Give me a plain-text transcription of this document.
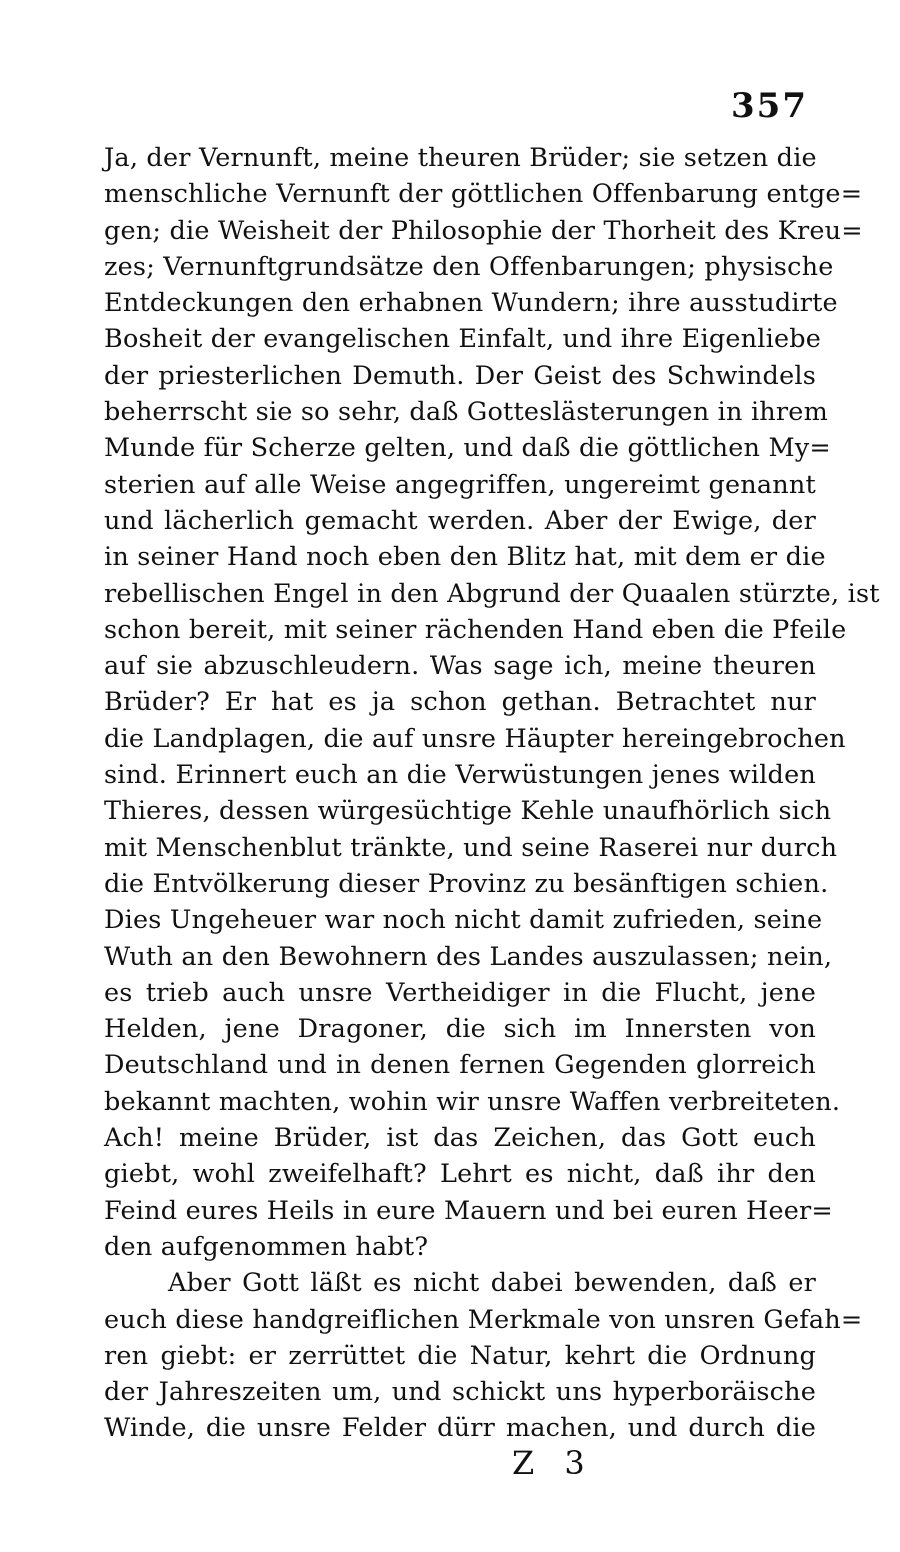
357
Ja, der Vernunft, meine theuren Brüder; sie setzen die
menschliche Vernunft der göttlichen Offenbarung entge=
gen; die Weisheit der Philosophie der Thorheit des Kreu=
zes; Vernunftgrundsätze den Offenbarungen; physische
Entdeckungen den erhabnen Wundern; ihre ausstudirte
Bosheit der evangelischen Einfalt, und ihre Eigenliebe
der priesterlichen Demuth. Der Geist des Schwindels
beherrscht sie so sehr, daß Gotteslästerungen in ihrem
Munde für Scherze gelten, und daß die göttlichen My=
sterien auf alle Weise angegriffen, ungereimt genannt
und lächerlich gemacht werden. Aber der Ewige, der
in seiner Hand noch eben den Blitz hat, mit dem er die
rebellischen Engel in den Abgrund der Quaalen stürzte, ist
schon bereit, mit seiner rächenden Hand eben die Pfeile
auf sie abzuschleudern. Was sage ich, meine theuren
Brüder? Er hat es ja schon gethan. Betrachtet nur
die Landplagen, die auf unsre Häupter hereingebrochen
sind. Erinnert euch an die Verwüstungen jenes wilden
Thieres, dessen würgesüchtige Kehle unaufhörlich sich
mit Menschenblut tränkte, und seine Raserei nur durch
die Entvölkerung dieser Provinz zu besänftigen schien.
Dies Ungeheuer war noch nicht damit zufrieden, seine
Wuth an den Bewohnern des Landes auszulassen; nein,
es trieb auch unsre Vertheidiger in die Flucht, jene
Helden, jene Dragoner, die sich im Innersten von
Deutschland und in denen fernen Gegenden glorreich
bekannt machten, wohin wir unsre Waffen verbreiteten.
Ach! meine Brüder, ist das Zeichen, das Gott euch
giebt, wohl zweifelhaft? Lehrt es nicht, daß ihr den
Feind eures Heils in eure Mauern und bei euren Heer=
den aufgenommen habt?
Aber Gott läßt es nicht dabei bewenden, daß er
euch diese handgreiflichen Merkmale von unsren Gefah=
ren giebt: er zerrüttet die Natur, kehrt die Ordnung
der Jahreszeiten um, und schickt uns hyperboräische
Winde, die unsre Felder dürr machen, und durch die
Z 3
